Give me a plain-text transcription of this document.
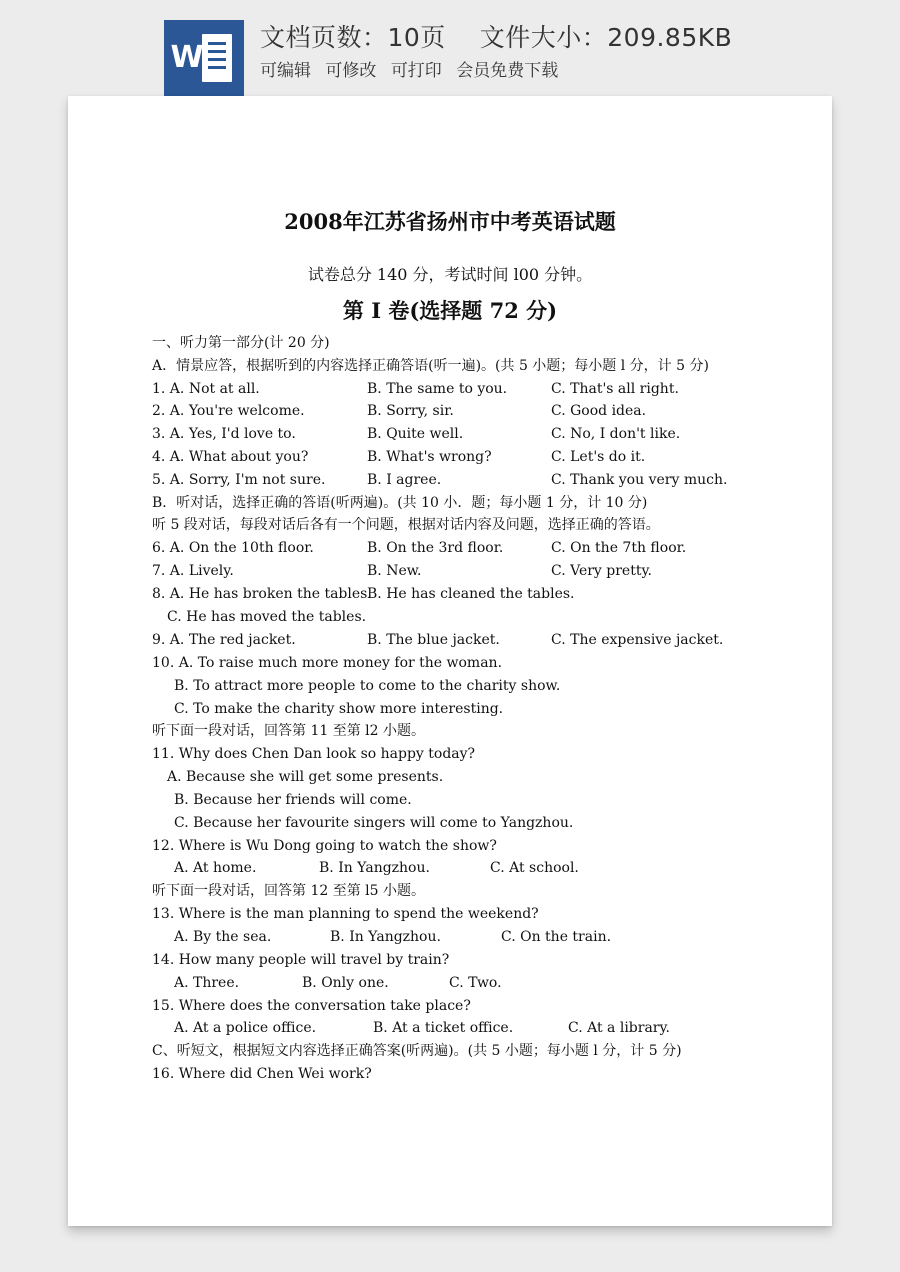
W
文档页数：10页　 文件大小：209.85KB
可编辑 可修改 可打印 会员免费下载
2008年江苏省扬州市中考英语试题
试卷总分 140 分，考试时间 l00 分钟。
第 I 卷(选择题 72 分)
一、听力第一部分(计 20 分)
A．情景应答，根据听到的内容选择正确答语(听一遍)。(共 5 小题；每小题 l 分，计 5 分)
1. A. Not at all.	B. The same to you.	C. That's all right.
2. A. You're welcome.	B. Sorry, sir.	C. Good idea.
3. A. Yes, I'd love to.	B. Quite well.	C. No, I don't like.
4. A. What about you?	B. What's wrong?	C. Let's do it.
5. A. Sorry, I'm not sure.	B. I agree.	C. Thank you very much.
B．听对话，选择正确的答语(听两遍)。(共 10 小．题；每小题 1 分，计 10 分)
听 5 段对话，每段对话后各有一个问题，根据对话内容及问题，选择正确的答语。
6. A. On the 10th floor.	B. On the 3rd floor.	C. On the 7th floor.
7. A. Lively.	B. New.	C. Very pretty.
8. A. He has broken the tables.
B. He has cleaned the tables.
C. He has moved the tables.
9. A. The red jacket.	B. The blue jacket.	C. The expensive jacket.
10. A. To raise much more money for the woman.
B. To attract more people to come to the charity show.
C. To make the charity show more interesting.
听下面一段对话，回答第 11 至第 l2 小题。
11. Why does Chen Dan look so happy today?
A. Because she will get some presents.
B. Because her friends will come.
C. Because her favourite singers will come to Yangzhou.
12. Where is Wu Dong going to watch the show?
A. At home.	B. In Yangzhou.	C. At school.
听下面一段对话，回答第 12 至第 l5 小题。
13. Where is the man planning to spend the weekend?
A. By the sea.	B. In Yangzhou.	C. On the train.
14. How many people will travel by train?
A. Three.	B. Only one.	C. Two.
15. Where does the conversation take place?
A. At a police office.	B. At a ticket office.	C. At a library.
C、听短文，根据短文内容选择正确答案(听两遍)。(共 5 小题；每小题 l 分，计 5 分)
16. Where did Chen Wei work?
